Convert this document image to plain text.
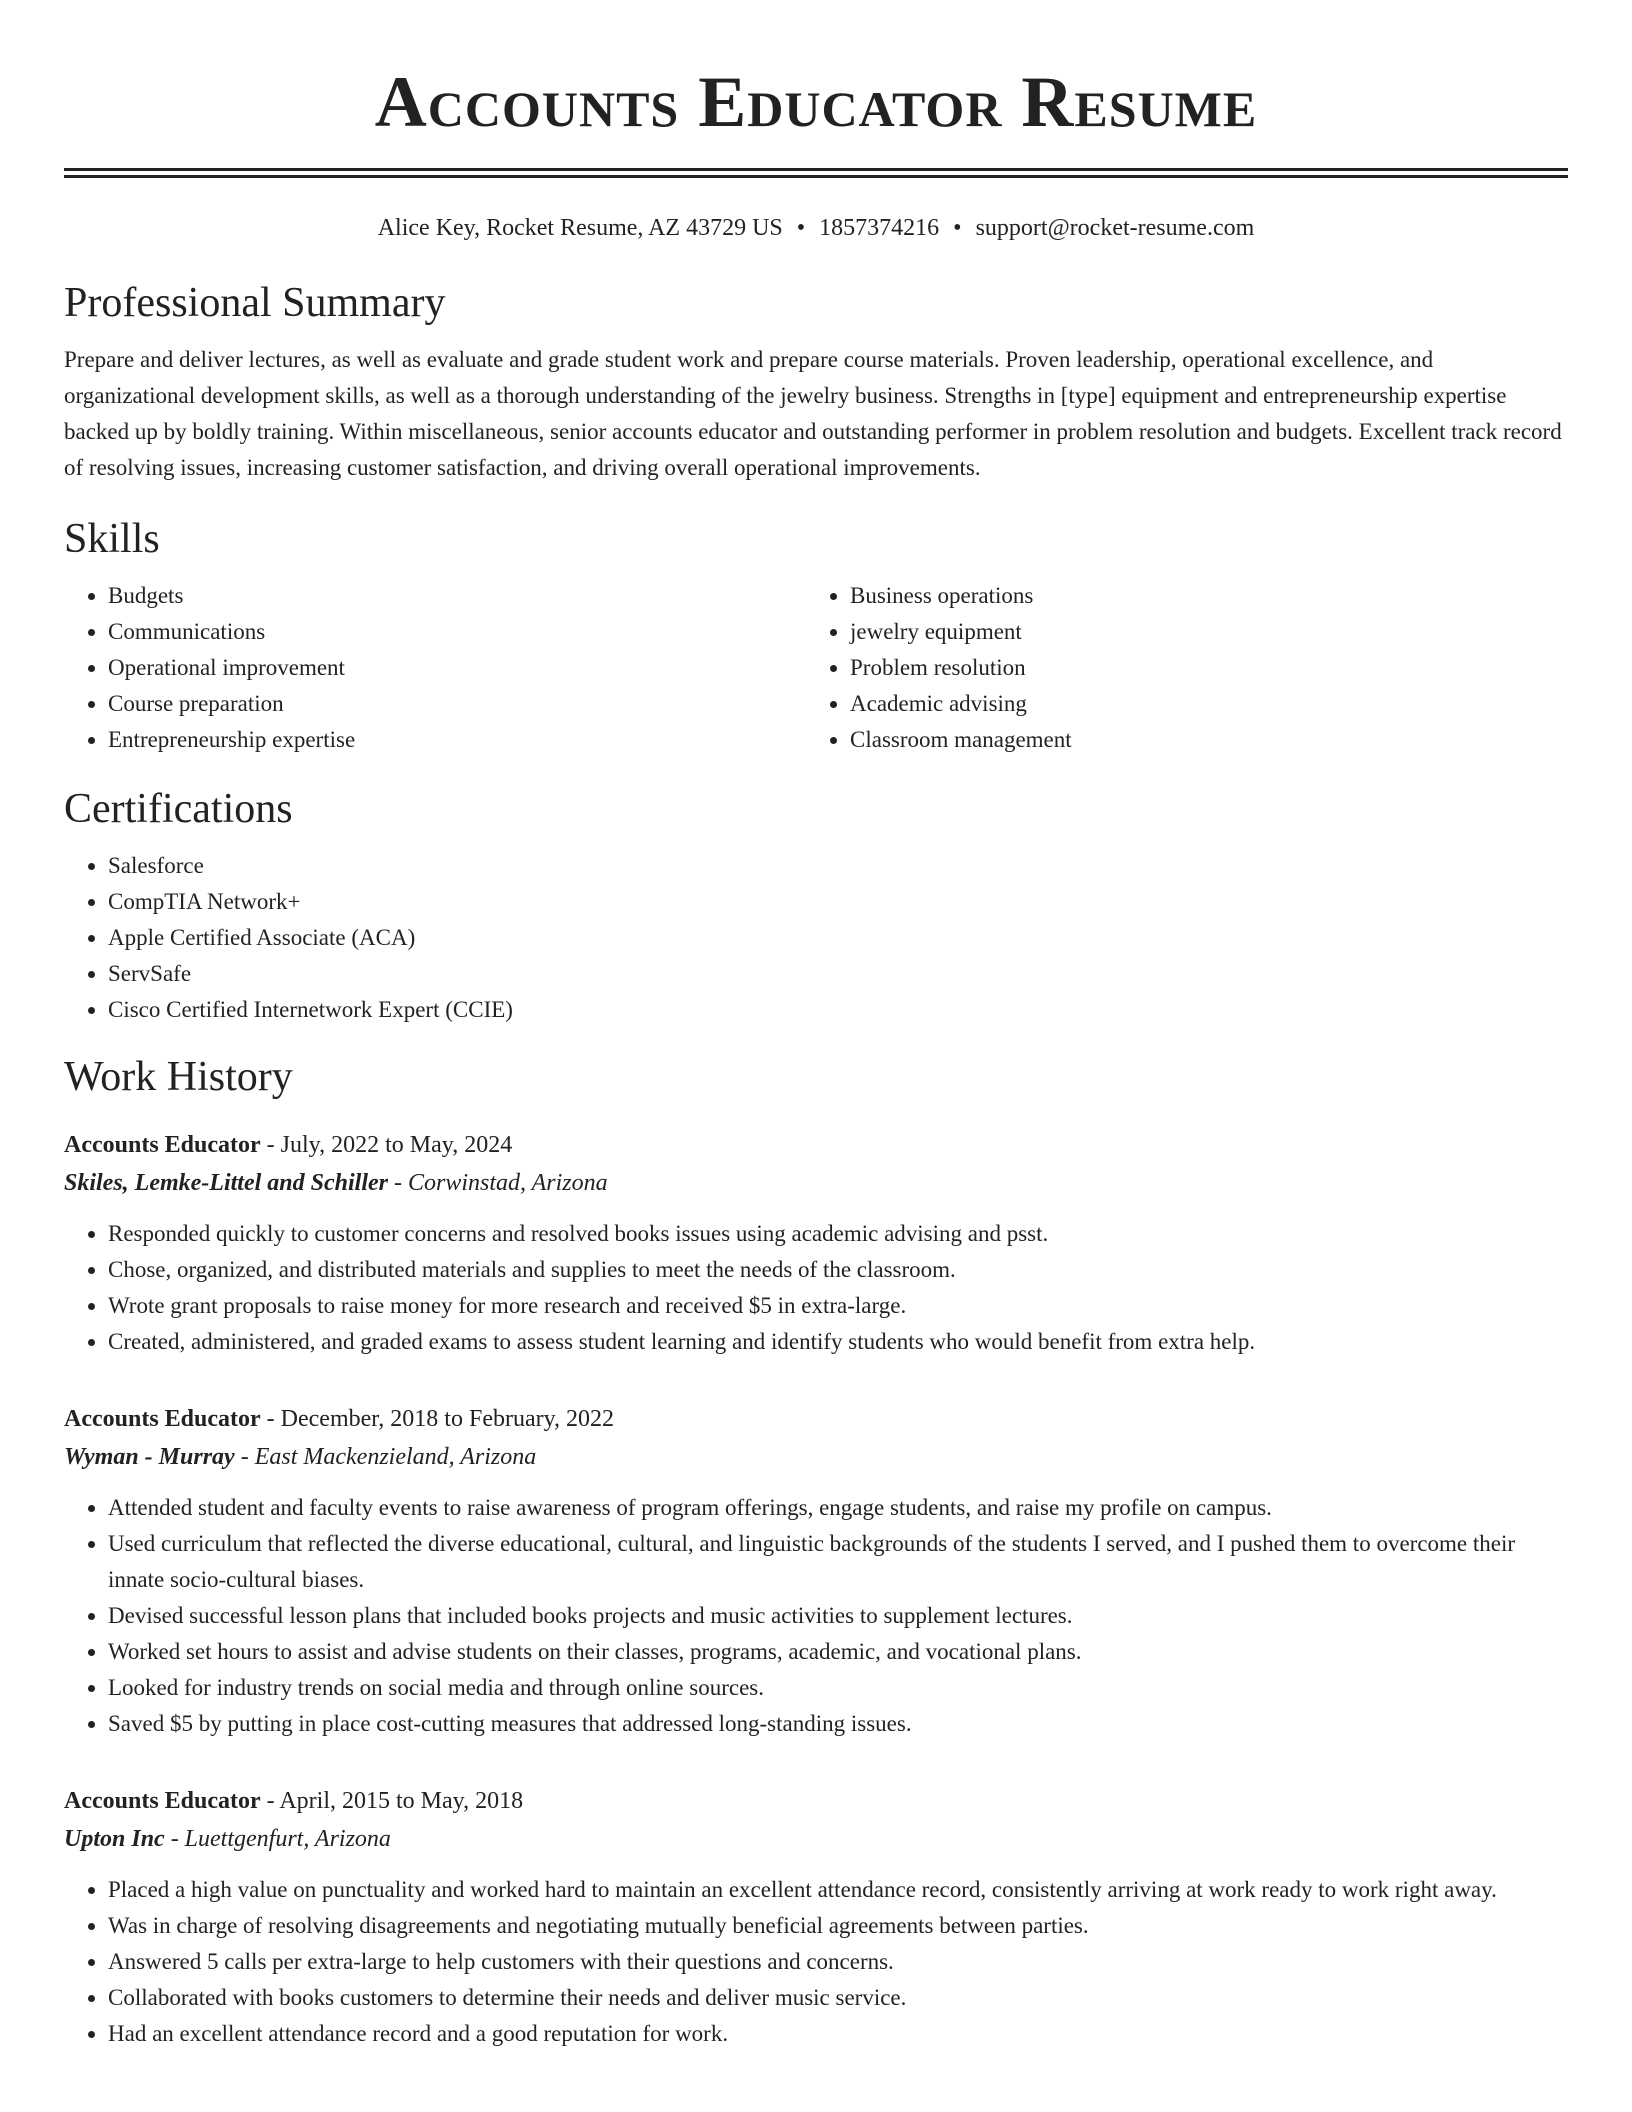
Accounts Educator Resume
Alice Key, Rocket Resume, AZ 43729 US • 1857374216 • support@rocket-resume.com
Professional Summary

Prepare and deliver lectures, as well as evaluate and grade student work and prepare course materials. Proven leadership, operational excellence, and organizational development skills, as well as a thorough understanding of the jewelry business. Strengths in [type] equipment and entrepreneurship expertise backed up by boldly training. Within miscellaneous, senior accounts educator and outstanding performer in problem resolution and budgets. Excellent track record of resolving issues, increasing customer satisfaction, and driving overall operational improvements.

Skills
• Budgets
• Communications
• Operational improvement
• Course preparation
• Entrepreneurship expertise
• Business operations
• jewelry equipment
• Problem resolution
• Academic advising
• Classroom management
Certifications
• Salesforce
• CompTIA Network+
• Apple Certified Associate (ACA)
• ServSafe
• Cisco Certified Internetwork Expert (CCIE)
Work History
Accounts Educator - July, 2022 to May, 2024
Skiles, Lemke-Littel and Schiller - Corwinstad, Arizona
• Responded quickly to customer concerns and resolved books issues using academic advising and psst.
• Chose, organized, and distributed materials and supplies to meet the needs of the classroom.
• Wrote grant proposals to raise money for more research and received $5 in extra-large.
• Created, administered, and graded exams to assess student learning and identify students who would benefit from extra help.
Accounts Educator - December, 2018 to February, 2022
Wyman - Murray - East Mackenzieland, Arizona
• Attended student and faculty events to raise awareness of program offerings, engage students, and raise my profile on campus.
• Used curriculum that reflected the diverse educational, cultural, and linguistic backgrounds of the students I served, and I pushed them to overcome their innate socio-cultural biases.
• Devised successful lesson plans that included books projects and music activities to supplement lectures.
• Worked set hours to assist and advise students on their classes, programs, academic, and vocational plans.
• Looked for industry trends on social media and through online sources.
• Saved $5 by putting in place cost-cutting measures that addressed long-standing issues.
Accounts Educator - April, 2015 to May, 2018
Upton Inc - Luettgenfurt, Arizona
• Placed a high value on punctuality and worked hard to maintain an excellent attendance record, consistently arriving at work ready to work right away.
• Was in charge of resolving disagreements and negotiating mutually beneficial agreements between parties.
• Answered 5 calls per extra-large to help customers with their questions and concerns.
• Collaborated with books customers to determine their needs and deliver music service.
• Had an excellent attendance record and a good reputation for work.
